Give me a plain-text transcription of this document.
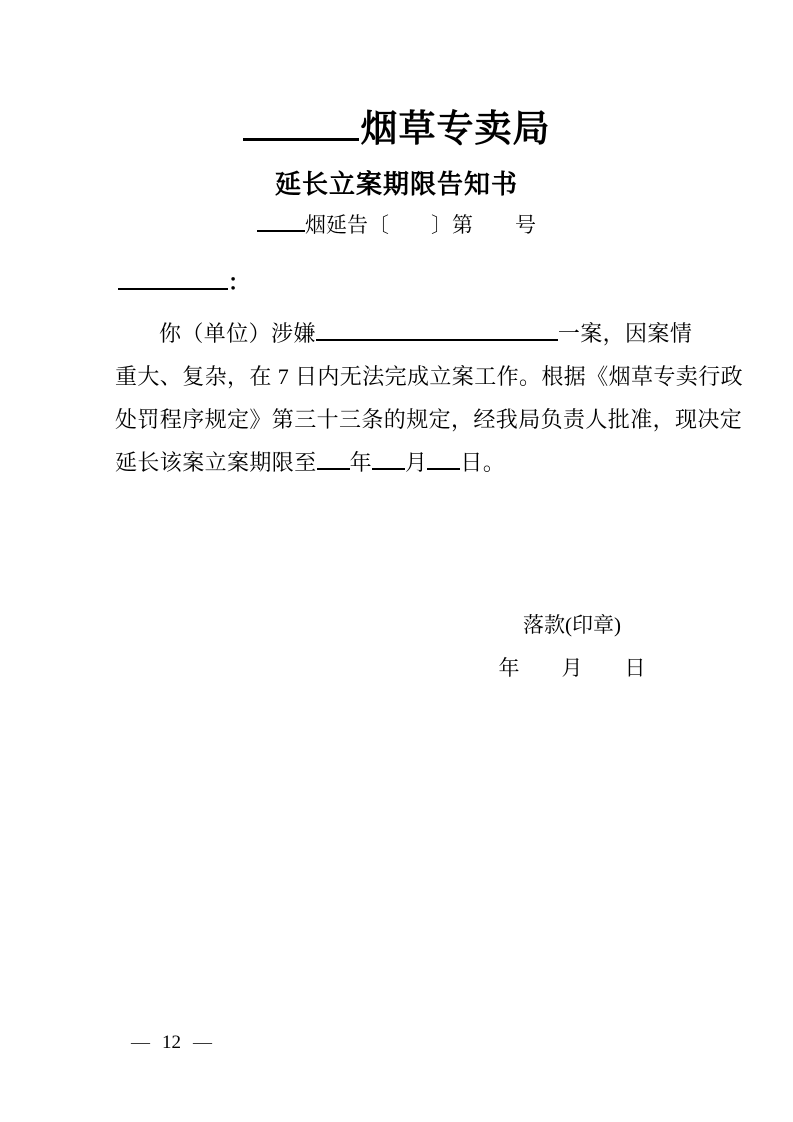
烟草专卖局
延长立案期限告知书
烟延告〔　　〕第　　号
：
你（单位）涉嫌	一案，因案情
重大、复杂，在 7 日内无法完成立案工作。根据《烟草专卖行政
处罚程序规定》第三十三条的规定，经我局负责人批准，现决定
延长该案立案期限至 年 月 日。
落款(印章)
年　　月　　日
— 12 —
